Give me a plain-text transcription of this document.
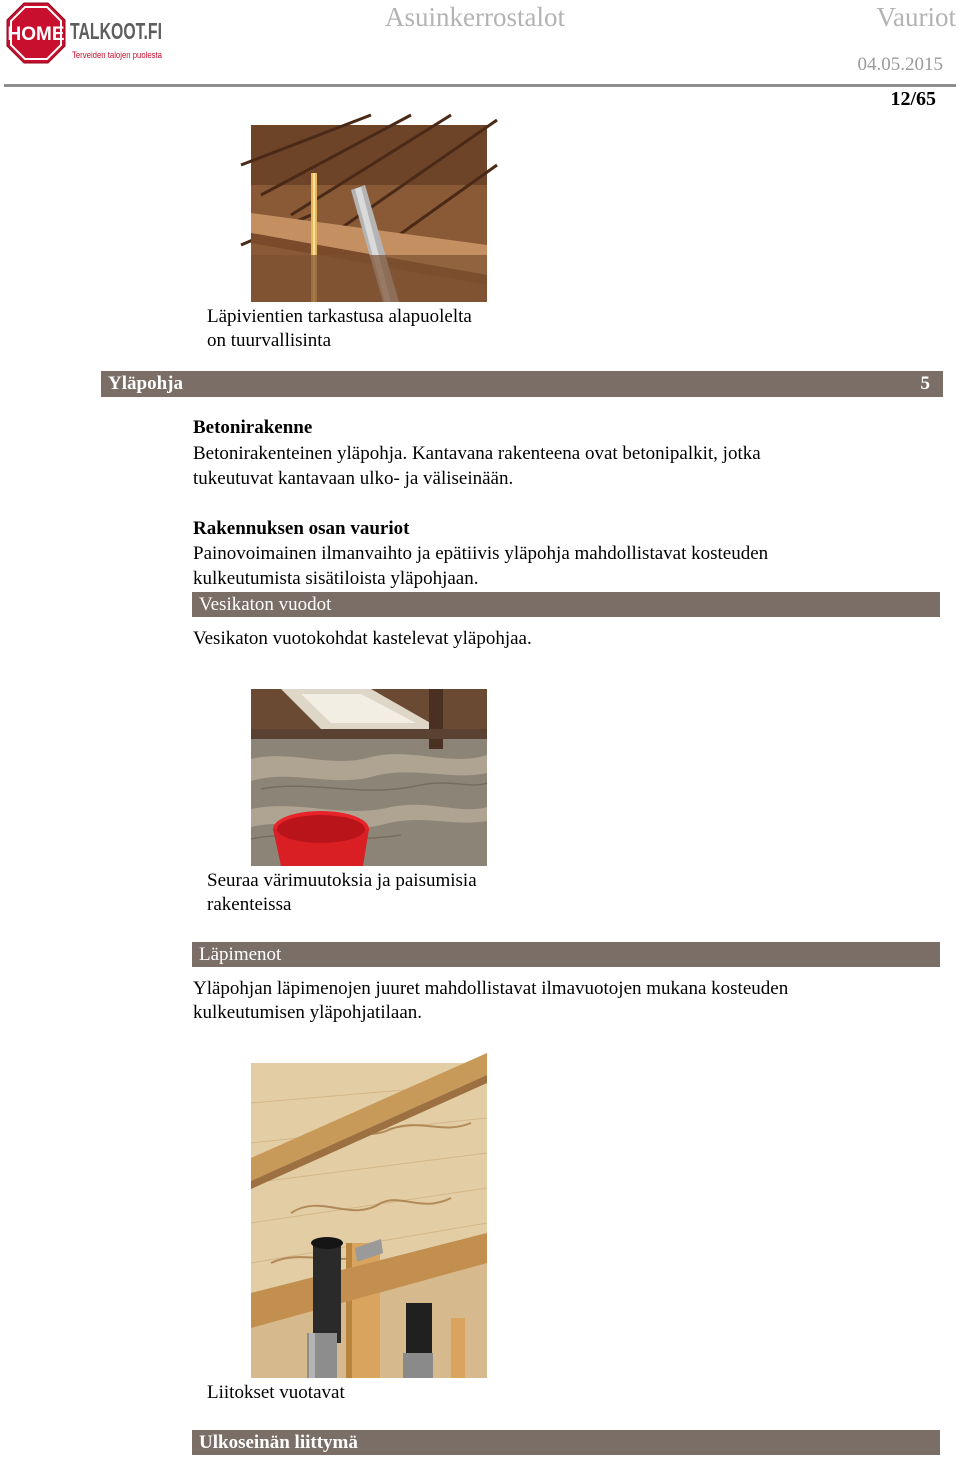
HOME TALKOOT.FI
Terveiden talojen puolesta
Asuinkerrostalot	Vauriot
04.05.2015
12/65
Läpivientien tarkastusa alapuolelta
on tuurvallisinta
Yläpohja	5
Betonirakenne
Betonirakenteinen yläpohja. Kantavana rakenteena ovat betonipalkit, jotka
tukeutuvat kantavaan ulko- ja väliseinään.
Rakennuksen osan vauriot
Painovoimainen ilmanvaihto ja epätiivis yläpohja mahdollistavat kosteuden
kulkeutumista sisätiloista yläpohjaan.
Vesikaton vuodot
Vesikaton vuotokohdat kastelevat yläpohjaa.
Seuraa värimuutoksia ja paisumisia
rakenteissa
Läpimenot
Yläpohjan läpimenojen juuret mahdollistavat ilmavuotojen mukana kosteuden
kulkeutumisen yläpohjatilaan.
Liitokset vuotavat
Ulkoseinän liittymä
